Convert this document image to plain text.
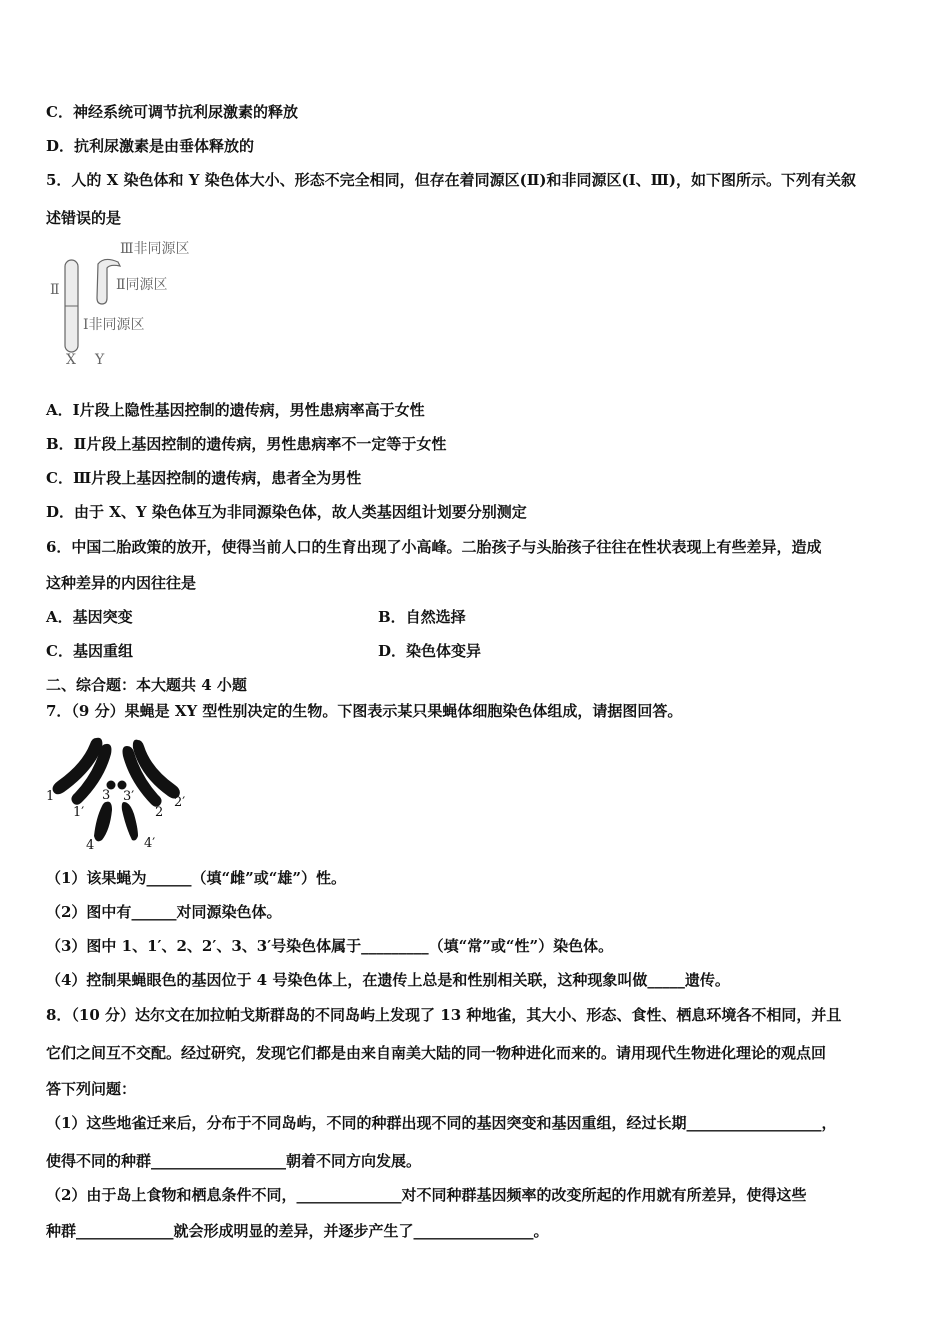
C．神经系统可调节抗利尿激素的释放
D．抗利尿激素是由垂体释放的
5．人的 X 染色体和 Y 染色体大小、形态不完全相同，但存在着同源区(Ⅱ)和非同源区(Ⅰ、Ⅲ)，如下图所示。下列有关叙
述错误的是
Ⅲ非同源区
Ⅱ同源区
Ⅰ非同源区
Ⅱ
X Y
A．Ⅰ片段上隐性基因控制的遗传病，男性患病率高于女性
B．Ⅱ片段上基因控制的遗传病，男性患病率不一定等于女性
C．Ⅲ片段上基因控制的遗传病，患者全为男性
D．由于 X、Y 染色体互为非同源染色体，故人类基因组计划要分别测定
6．中国二胎政策的放开，使得当前人口的生育出现了小高峰。二胎孩子与头胎孩子往往在性状表现上有些差异，造成
这种差异的内因往往是
A．基因突变	B．自然选择
C．基因重组	D．染色体变异
二、综合题：本大题共 4 小题
7．（9 分）果蝇是 XY 型性别决定的生物。下图表示某只果蝇体细胞染色体组成，请据图回答。
1
1′
3 3′
2
2′
4	4′
（1）该果蝇为______（填“雌”或“雄”）性。
（2）图中有______对同源染色体。
（3）图中 1、1′、2、2′、3、3′号染色体属于_________（填“常”或“性”）染色体。
（4）控制果蝇眼色的基因位于 4 号染色体上，在遗传上总是和性别相关联，这种现象叫做_____遗传。
8．（10 分）达尔文在加拉帕戈斯群岛的不同岛屿上发现了 13 种地雀，其大小、形态、食性、栖息环境各不相同，并且
它们之间互不交配。经过研究，发现它们都是由来自南美大陆的同一物种进化而来的。请用现代生物进化理论的观点回
答下列问题：
（1）这些地雀迁来后，分布于不同岛屿，不同的种群出现不同的基因突变和基因重组，经过长期__________________，
使得不同的种群__________________朝着不同方向发展。
（2）由于岛上食物和栖息条件不同，______________对不同种群基因频率的改变所起的作用就有所差异，使得这些
种群_____________就会形成明显的差异，并逐步产生了________________。
